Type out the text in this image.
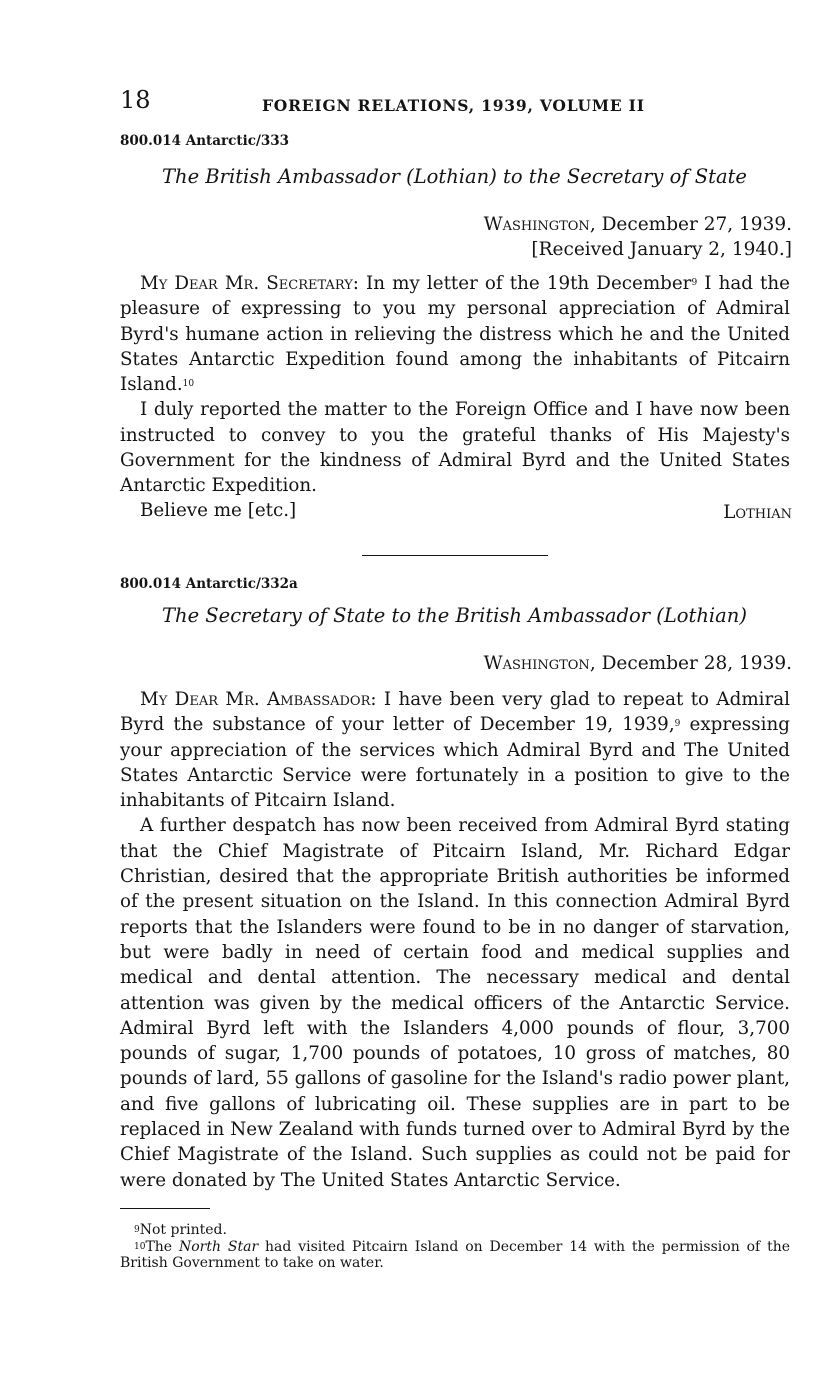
18	FOREIGN RELATIONS, 1939, VOLUME II
800.014 Antarctic/333
The British Ambassador (Lothian) to the Secretary of State
Washington, December 27, 1939.
[Received January 2, 1940.]

My Dear Mr. Secretary: In my letter of the 19th December$^9$ I had the pleasure of expressing to you my personal appreciation of Admiral Byrd's humane action in relieving the distress which he and the United States Antarctic Expedition found among the inhabitants of Pitcairn Island.$^{10}$

I duly reported the matter to the Foreign Office and I have now been instructed to convey to you the grateful thanks of His Majesty's Government for the kindness of Admiral Byrd and the United States Antarctic Expedition.

Believe me [etc.]	Lothian
800.014 Antarctic/332a
The Secretary of State to the British Ambassador (Lothian)
Washington, December 28, 1939.

My Dear Mr. Ambassador: I have been very glad to repeat to Admiral Byrd the substance of your letter of December 19, 1939,$^9$ expressing your appreciation of the services which Admiral Byrd and The United States Antarctic Service were fortunately in a position to give to the inhabitants of Pitcairn Island.

A further despatch has now been received from Admiral Byrd stating that the Chief Magistrate of Pitcairn Island, Mr. Richard Edgar Christian, desired that the appropriate British authorities be informed of the present situation on the Island. In this connection Admiral Byrd reports that the Islanders were found to be in no danger of starvation, but were badly in need of certain food and medical supplies and medical and dental attention. The necessary medical and dental attention was given by the medical officers of the Antarctic Service. Admiral Byrd left with the Islanders 4,000 pounds of flour, 3,700 pounds of sugar, 1,700 pounds of potatoes, 10 gross of matches, 80 pounds of lard, 55 gallons of gasoline for the Island's radio power plant, and five gallons of lubricating oil. These supplies are in part to be replaced in New Zealand with funds turned over to Admiral Byrd by the Chief Magistrate of the Island. Such supplies as could not be paid for were donated by The United States Antarctic Service.

$^9$Not printed.
$^{10}$The North Star had visited Pitcairn Island on December 14 with the permission of the British Government to take on water.
